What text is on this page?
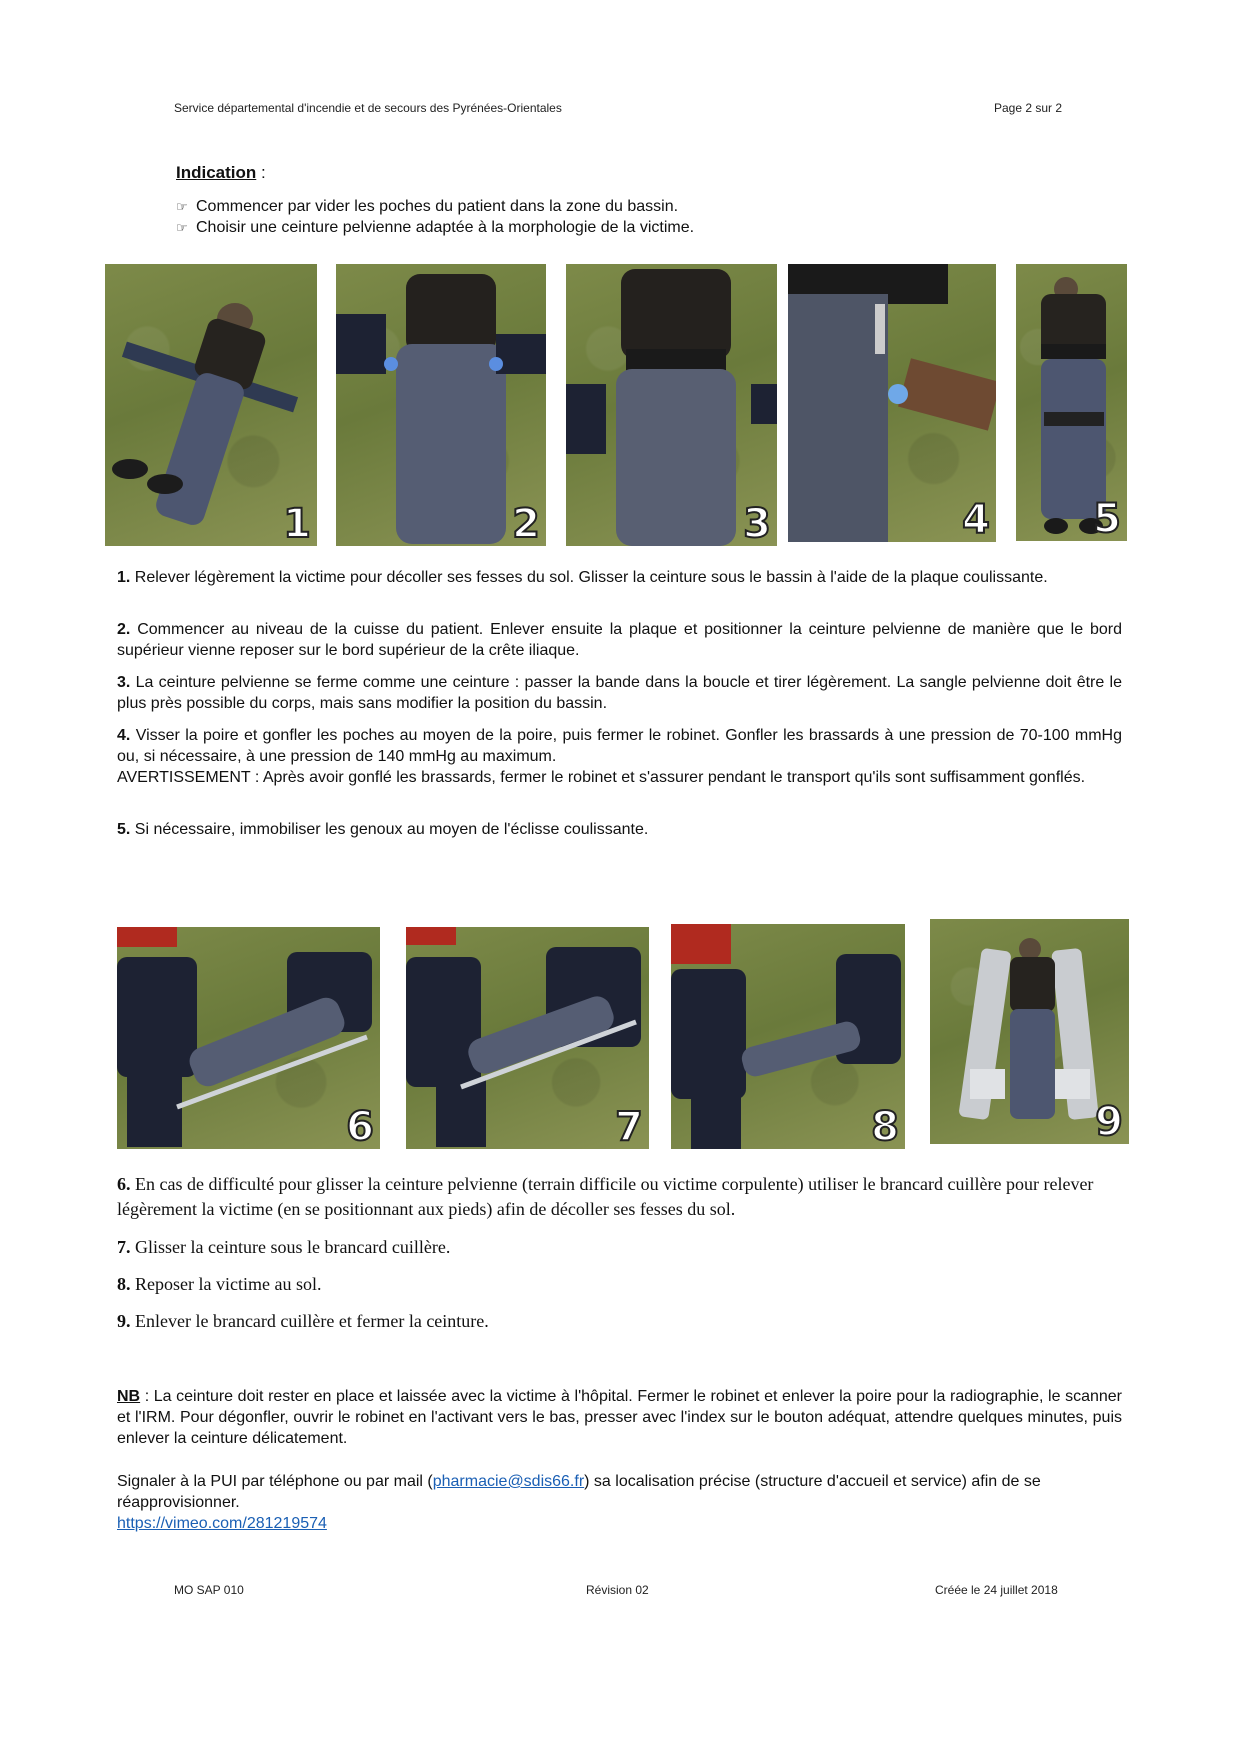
Service départemental d'incendie et de secours des Pyrénées-Orientales	Page 2 sur 2
Indication :
☞ Commencer par vider les poches du patient dans la zone du bassin.
☞ Choisir une ceinture pelvienne adaptée à la morphologie de la victime.
1	2	3	4	5
1. Relever légèrement la victime pour décoller ses fesses du sol. Glisser la ceinture sous le bassin à l'aide de la plaque coulissante.
2. Commencer au niveau de la cuisse du patient. Enlever ensuite la plaque et positionner la ceinture pelvienne de manière que le bord supérieur vienne reposer sur le bord supérieur de la crête iliaque.
3. La ceinture pelvienne se ferme comme une ceinture : passer la bande dans la boucle et tirer légèrement. La sangle pelvienne doit être le plus près possible du corps, mais sans modifier la position du bassin.
4. Visser la poire et gonfler les poches au moyen de la poire, puis fermer le robinet. Gonfler les brassards à une pression de 70-100 mmHg ou, si nécessaire, à une pression de 140 mmHg au maximum.
AVERTISSEMENT : Après avoir gonflé les brassards, fermer le robinet et s'assurer pendant le transport qu'ils sont suffisamment gonflés.
5. Si nécessaire, immobiliser les genoux au moyen de l'éclisse coulissante.
6	7	8	9
6. En cas de difficulté pour glisser la ceinture pelvienne (terrain difficile ou victime corpulente) utiliser le brancard cuillère pour relever légèrement la victime (en se positionnant aux pieds) afin de décoller ses fesses du sol.
7. Glisser la ceinture sous le brancard cuillère.
8. Reposer la victime au sol.
9. Enlever le brancard cuillère et fermer la ceinture.
NB : La ceinture doit rester en place et laissée avec la victime à l'hôpital. Fermer le robinet et enlever la poire pour la radiographie, le scanner et l'IRM. Pour dégonfler, ouvrir le robinet en l'activant vers le bas, presser avec l'index sur le bouton adéquat, attendre quelques minutes, puis enlever la ceinture délicatement.
Signaler à la PUI par téléphone ou par mail (pharmacie@sdis66.fr) sa localisation précise (structure d'accueil et service) afin de se réapprovisionner.
https://vimeo.com/281219574
MO SAP 010	Révision 02	Créée le 24 juillet 2018
